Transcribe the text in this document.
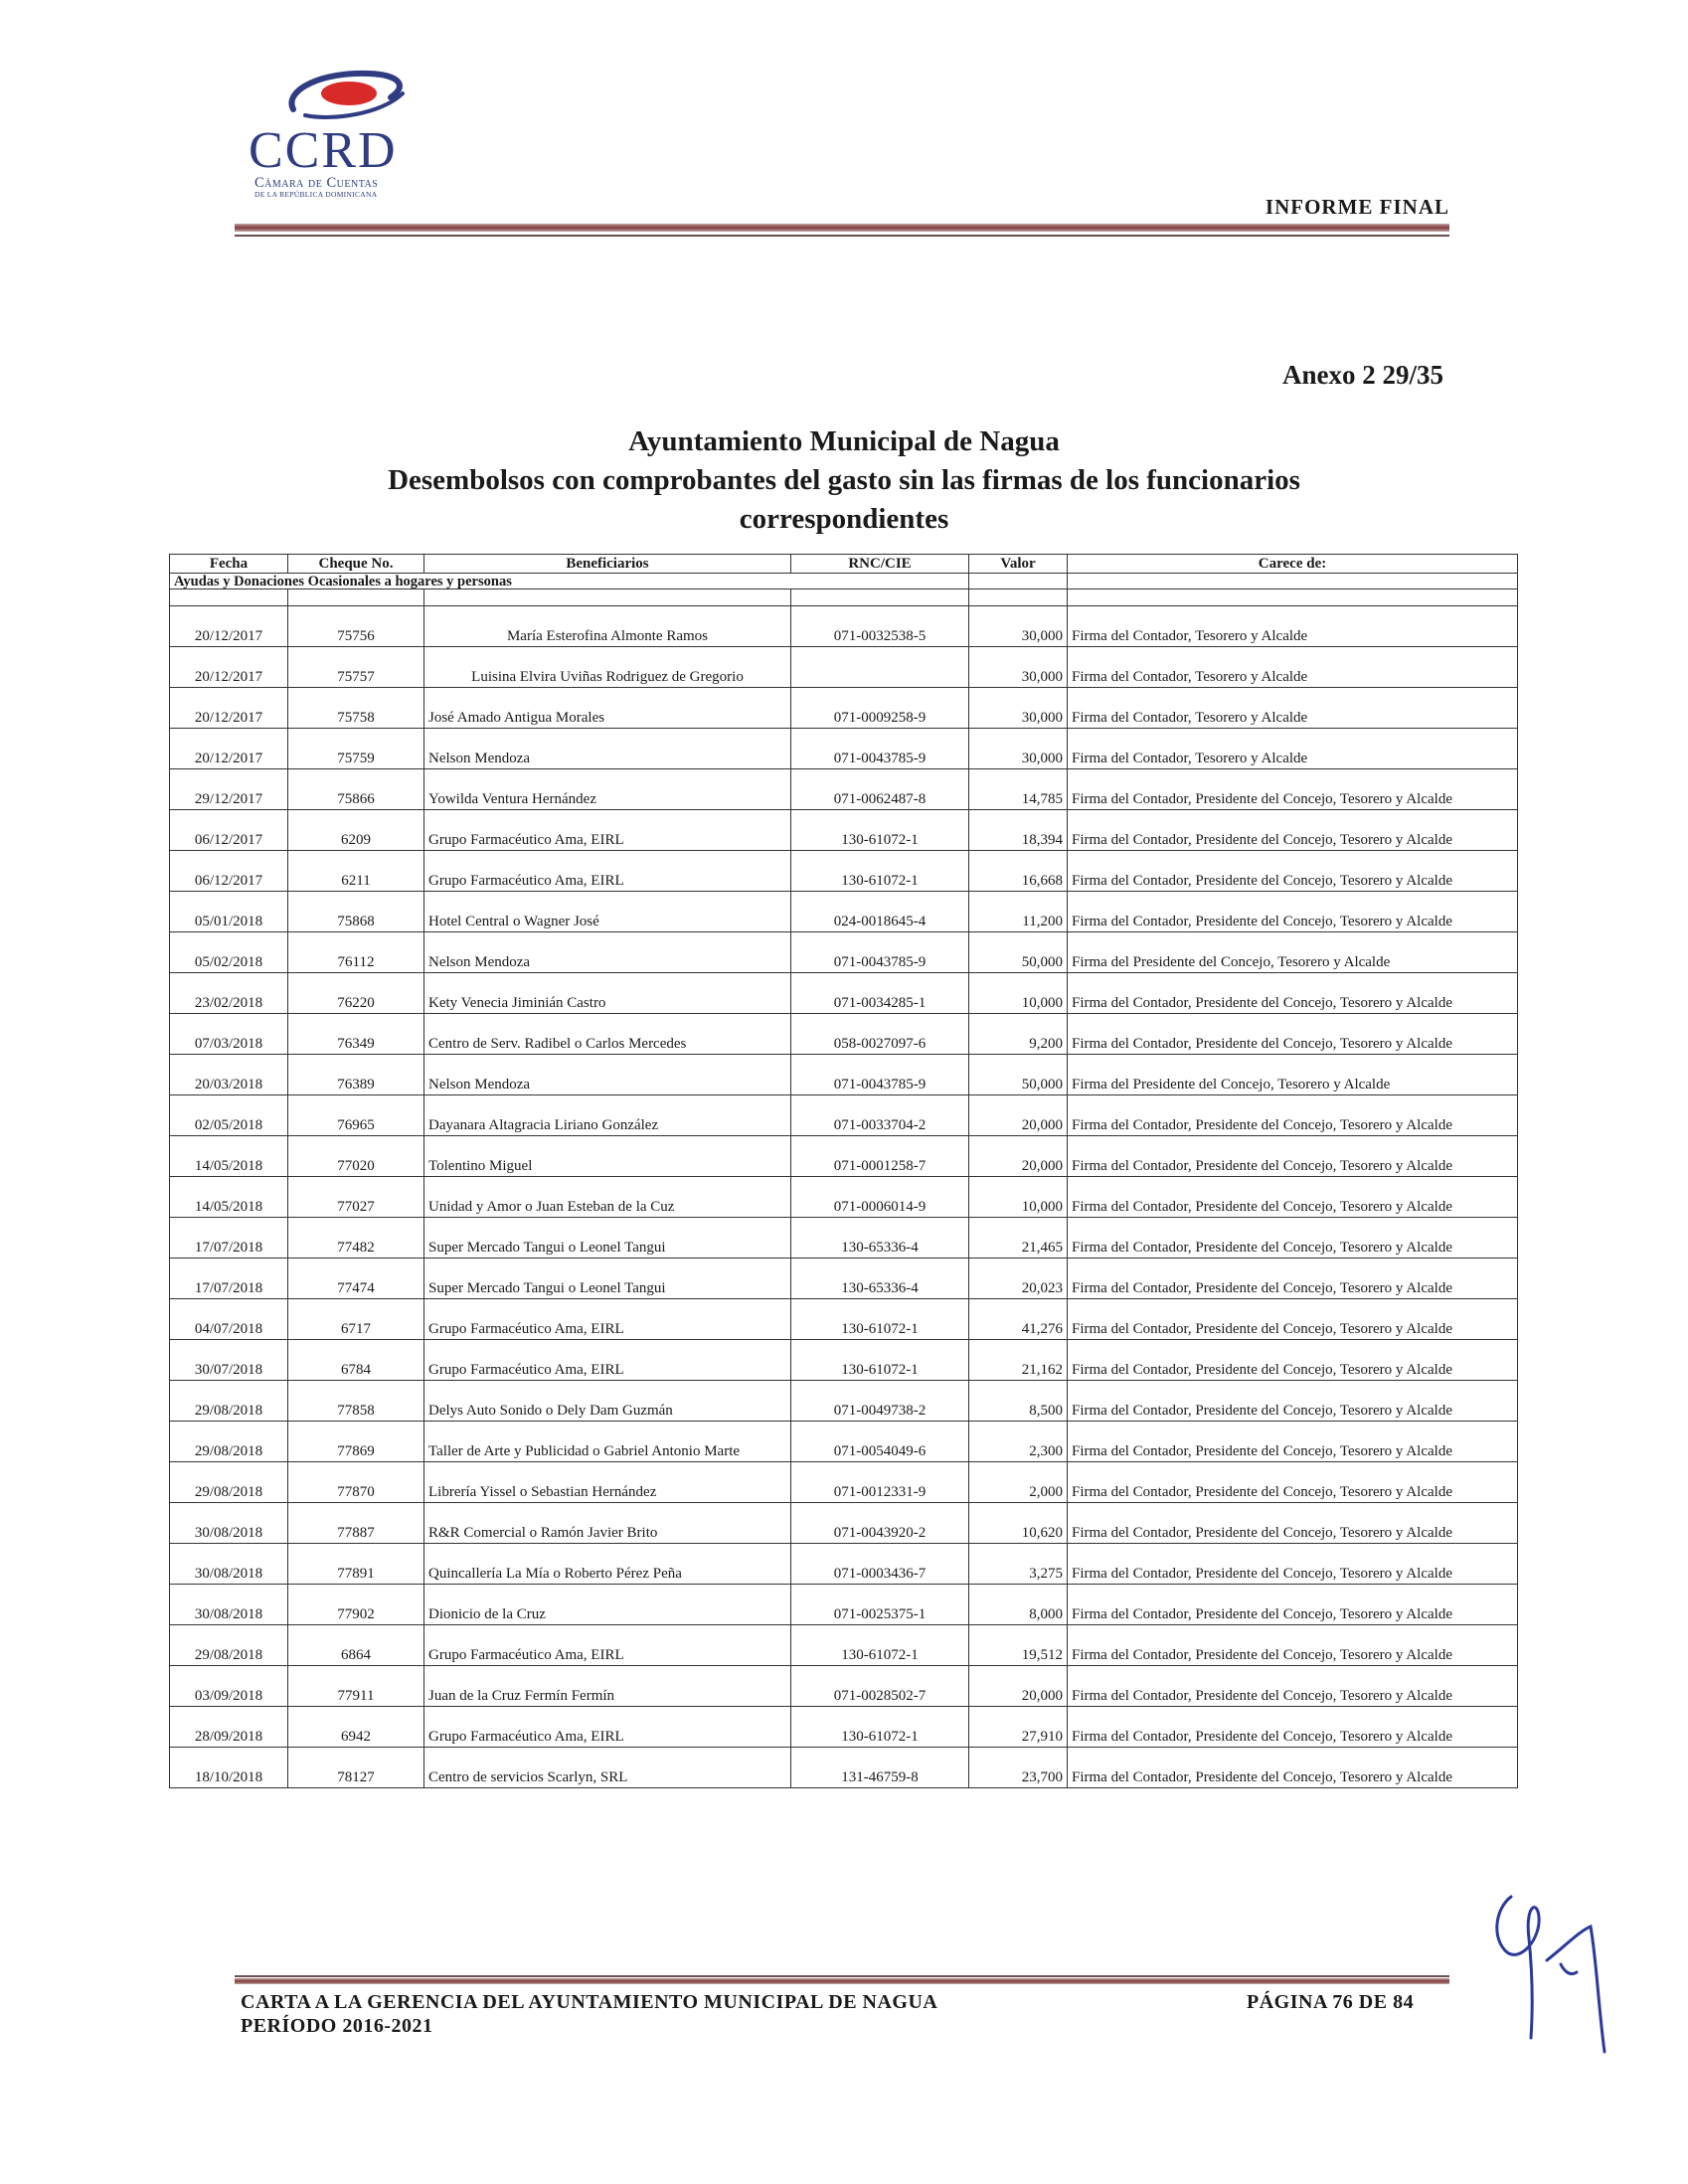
CCRD
Cámara de Cuentas
DE LA REPÚBLICA DOMINICANA
INFORME FINAL
Anexo 2 29/35
Ayuntamiento Municipal de Nagua
Desembolsos con comprobantes del gasto sin las firmas de los funcionarios
correspondientes
Fecha	Cheque No.	Beneficiarios	RNC/CIE	Valor	Carece de:
Ayudas y Donaciones Ocasionales a hogares y personas					

20/12/2017	75756	María Esterofina Almonte Ramos	071-0032538-5	30,000	Firma del Contador, Tesorero y Alcalde
20/12/2017	75757	Luisina Elvira Uviñas Rodriguez de Gregorio		30,000	Firma del Contador, Tesorero y Alcalde
20/12/2017	75758	José Amado Antigua Morales	071-0009258-9	30,000	Firma del Contador, Tesorero y Alcalde
20/12/2017	75759	Nelson Mendoza	071-0043785-9	30,000	Firma del Contador, Tesorero y Alcalde
29/12/2017	75866	Yowilda Ventura Hernández	071-0062487-8	14,785	Firma del Contador, Presidente del Concejo, Tesorero y Alcalde
06/12/2017	6209	Grupo Farmacéutico Ama, EIRL	130-61072-1	18,394	Firma del Contador, Presidente del Concejo, Tesorero y Alcalde
06/12/2017	6211	Grupo Farmacéutico Ama, EIRL	130-61072-1	16,668	Firma del Contador, Presidente del Concejo, Tesorero y Alcalde
05/01/2018	75868	Hotel Central o Wagner José	024-0018645-4	11,200	Firma del Contador, Presidente del Concejo, Tesorero y Alcalde
05/02/2018	76112	Nelson Mendoza	071-0043785-9	50,000	Firma del Presidente del Concejo, Tesorero y Alcalde
23/02/2018	76220	Kety Venecia Jiminián Castro	071-0034285-1	10,000	Firma del Contador, Presidente del Concejo, Tesorero y Alcalde
07/03/2018	76349	Centro de Serv. Radibel o Carlos Mercedes	058-0027097-6	9,200	Firma del Contador, Presidente del Concejo, Tesorero y Alcalde
20/03/2018	76389	Nelson Mendoza	071-0043785-9	50,000	Firma del Presidente del Concejo, Tesorero y Alcalde
02/05/2018	76965	Dayanara Altagracia Liriano González	071-0033704-2	20,000	Firma del Contador, Presidente del Concejo, Tesorero y Alcalde
14/05/2018	77020	Tolentino Miguel	071-0001258-7	20,000	Firma del Contador, Presidente del Concejo, Tesorero y Alcalde
14/05/2018	77027	Unidad y Amor o Juan Esteban de la Cuz	071-0006014-9	10,000	Firma del Contador, Presidente del Concejo, Tesorero y Alcalde
17/07/2018	77482	Super Mercado Tangui o Leonel Tangui	130-65336-4	21,465	Firma del Contador, Presidente del Concejo, Tesorero y Alcalde
17/07/2018	77474	Super Mercado Tangui o Leonel Tangui	130-65336-4	20,023	Firma del Contador, Presidente del Concejo, Tesorero y Alcalde
04/07/2018	6717	Grupo Farmacéutico Ama, EIRL	130-61072-1	41,276	Firma del Contador, Presidente del Concejo, Tesorero y Alcalde
30/07/2018	6784	Grupo Farmacéutico Ama, EIRL	130-61072-1	21,162	Firma del Contador, Presidente del Concejo, Tesorero y Alcalde
29/08/2018	77858	Delys Auto Sonido o Dely Dam Guzmán	071-0049738-2	8,500	Firma del Contador, Presidente del Concejo, Tesorero y Alcalde
29/08/2018	77869	Taller de Arte y Publicidad o Gabriel Antonio Marte	071-0054049-6	2,300	Firma del Contador, Presidente del Concejo, Tesorero y Alcalde
29/08/2018	77870	Librería Yissel o Sebastian Hernández	071-0012331-9	2,000	Firma del Contador, Presidente del Concejo, Tesorero y Alcalde
30/08/2018	77887	R&R Comercial o Ramón Javier Brito	071-0043920-2	10,620	Firma del Contador, Presidente del Concejo, Tesorero y Alcalde
30/08/2018	77891	Quincallería La Mía o Roberto Pérez Peña	071-0003436-7	3,275	Firma del Contador, Presidente del Concejo, Tesorero y Alcalde
30/08/2018	77902	Dionicio de la Cruz	071-0025375-1	8,000	Firma del Contador, Presidente del Concejo, Tesorero y Alcalde
29/08/2018	6864	Grupo Farmacéutico Ama, EIRL	130-61072-1	19,512	Firma del Contador, Presidente del Concejo, Tesorero y Alcalde
03/09/2018	77911	Juan de la Cruz Fermín Fermín	071-0028502-7	20,000	Firma del Contador, Presidente del Concejo, Tesorero y Alcalde
28/09/2018	6942	Grupo Farmacéutico Ama, EIRL	130-61072-1	27,910	Firma del Contador, Presidente del Concejo, Tesorero y Alcalde
18/10/2018	78127	Centro de servicios Scarlyn, SRL	131-46759-8	23,700	Firma del Contador, Presidente del Concejo, Tesorero y Alcalde
CARTA A LA GERENCIA DEL AYUNTAMIENTO MUNICIPAL DE NAGUA
PERÍODO 2016-2021
PÁGINA 76 DE 84
